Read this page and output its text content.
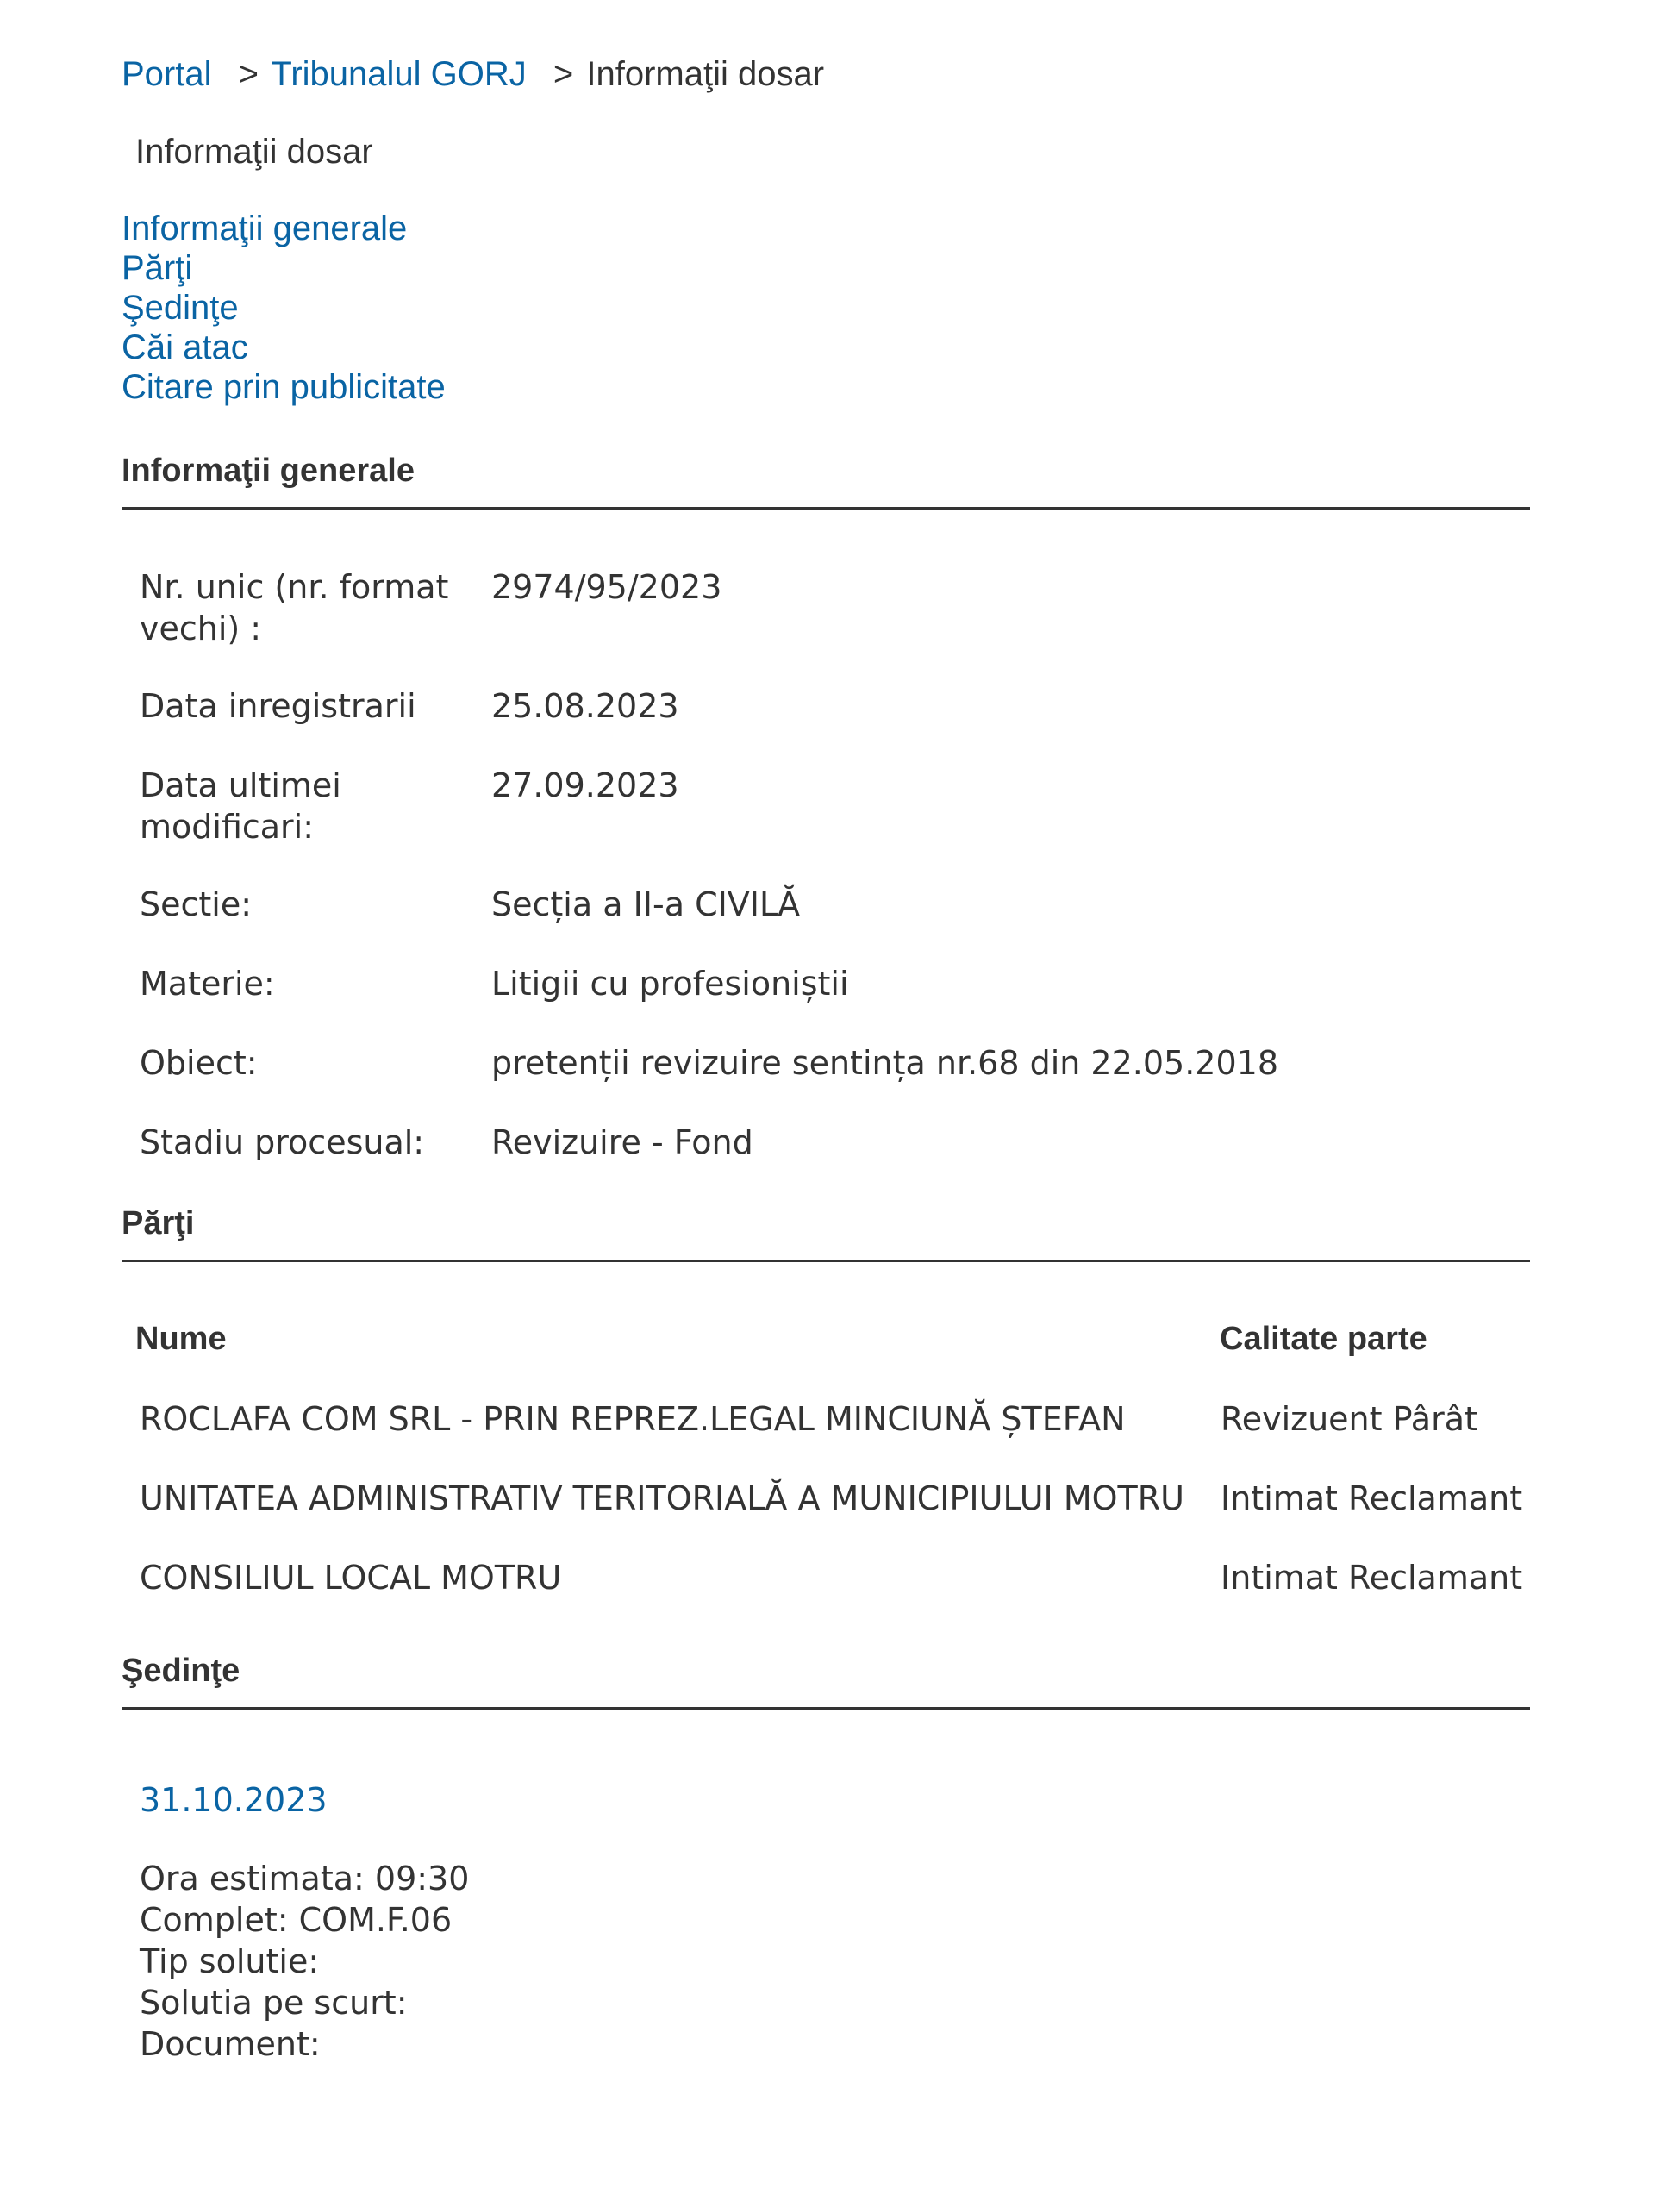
Portal > Tribunalul GORJ > Informaţii dosar
Informaţii dosar
Informaţii generale
Părţi
Şedinţe
Căi atac
Citare prin publicitate
Informaţii generale
Nr. unic (nr. format vechi) :
2974/95/2023
Data inregistrarii	25.08.2023
Data ultimei modificari:
27.09.2023
Sectie:	Secția a II-a CIVILĂ
Materie:	Litigii cu profesioniștii
Obiect:	pretenții revizuire sentința nr.68 din 22.05.2018
Stadiu procesual:	Revizuire - Fond
Părţi
Nume	Calitate parte
ROCLAFA COM SRL - PRIN REPREZ.LEGAL MINCIUNĂ ȘTEFAN	Revizuent Pârât
UNITATEA ADMINISTRATIV TERITORIALĂ A MUNICIPIULUI MOTRU	Intimat Reclamant
CONSILIUL LOCAL MOTRU	Intimat Reclamant
Şedinţe
31.10.2023
Ora estimata: 09:30
Complet: COM.F.06
Tip solutie:
Solutia pe scurt:
Document:
